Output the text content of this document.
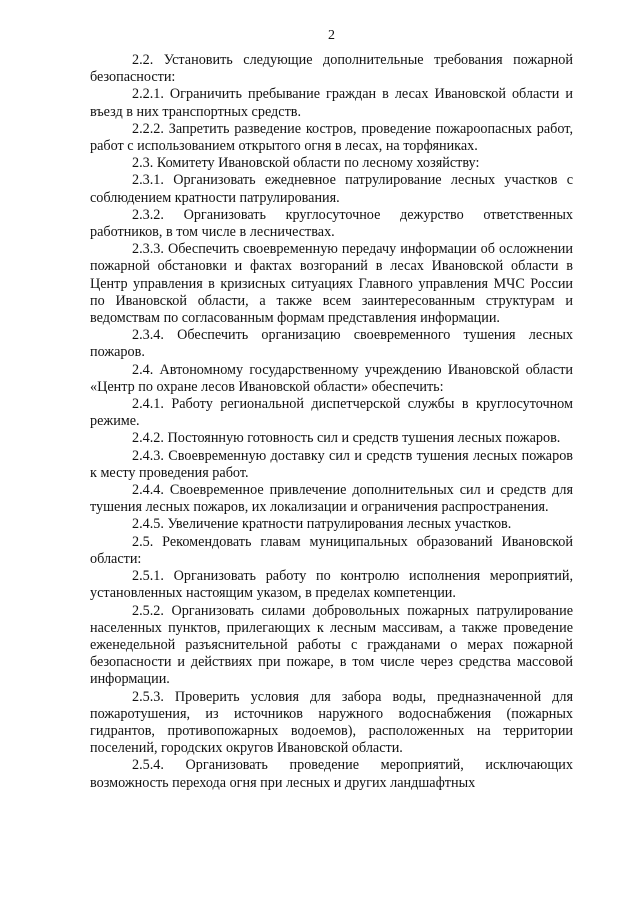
2

2.2. Установить следующие дополнительные требования пожарной безопасности:

2.2.1. Ограничить пребывание граждан в лесах Ивановской области и въезд в них транспортных средств.

2.2.2. Запретить разведение костров, проведение пожароопасных работ, работ с использованием открытого огня в лесах, на торфяниках.

2.3. Комитету Ивановской области по лесному хозяйству:

2.3.1. Организовать ежедневное патрулирование лесных участков с соблюдением кратности патрулирования.

2.3.2. Организовать круглосуточное дежурство ответственных работников, в том числе в лесничествах.

2.3.3. Обеспечить своевременную передачу информации об осложнении пожарной обстановки и фактах возгораний в лесах Ивановской области в Центр управления в кризисных ситуациях Главного управления МЧС России по Ивановской области, а также всем заинтересованным структурам и ведомствам по согласованным формам представления информации.

2.3.4. Обеспечить организацию своевременного тушения лесных пожаров.

2.4. Автономному государственному учреждению Ивановской области «Центр по охране лесов Ивановской области» обеспечить:

2.4.1. Работу региональной диспетчерской службы в круглосуточном режиме.

2.4.2. Постоянную готовность сил и средств тушения лесных пожаров.

2.4.3. Своевременную доставку сил и средств тушения лесных пожаров к месту проведения работ.

2.4.4. Своевременное привлечение дополнительных сил и средств для тушения лесных пожаров, их локализации и ограничения распространения.

2.4.5. Увеличение кратности патрулирования лесных участков.

2.5. Рекомендовать главам муниципальных образований Ивановской области:

2.5.1. Организовать работу по контролю исполнения мероприятий, установленных настоящим указом, в пределах компетенции.

2.5.2. Организовать силами добровольных пожарных патрулирование населенных пунктов, прилегающих к лесным массивам, а также проведение еженедельной разъяснительной работы с гражданами о мерах пожарной безопасности и действиях при пожаре, в том числе через средства массовой информации.

2.5.3. Проверить условия для забора воды, предназначенной для пожаротушения, из источников наружного водоснабжения (пожарных гидрантов, противопожарных водоемов), расположенных на территории поселений, городских округов Ивановской области.

2.5.4. Организовать проведение мероприятий, исключающих возможность перехода огня при лесных и других ландшафтных
